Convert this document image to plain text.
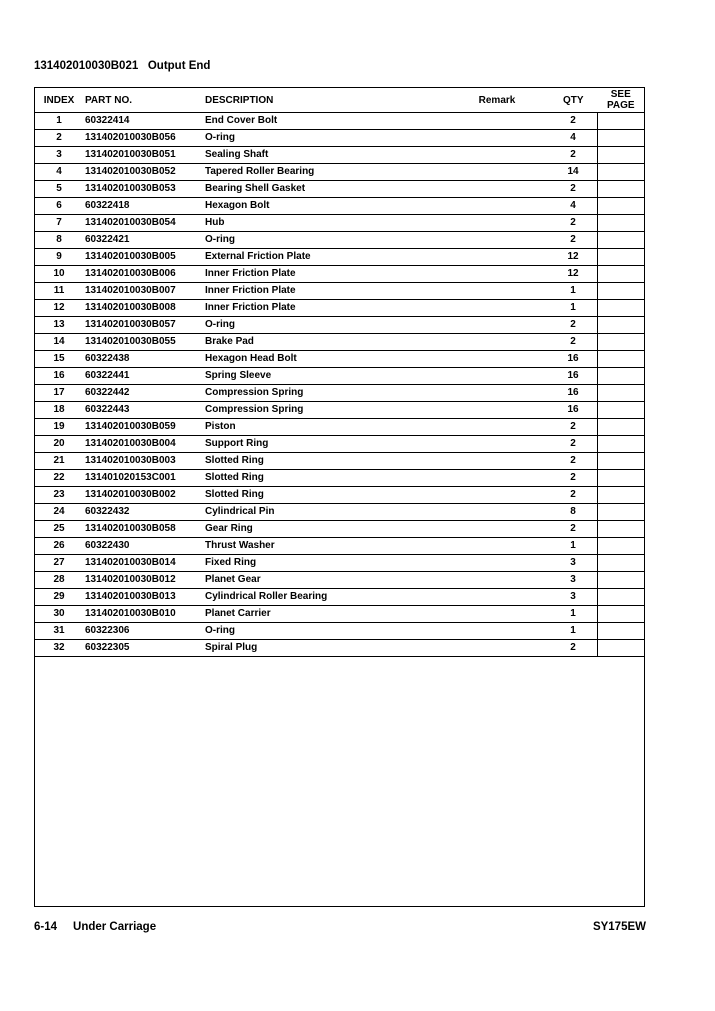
131402010030B021 Output End
INDEX	PART NO.	DESCRIPTION	Remark	QTY	SEE
PAGE

1	60322414	End Cover Bolt		2	
2	131402010030B056	O-ring		4	
3	131402010030B051	Sealing Shaft		2	
4	131402010030B052	Tapered Roller Bearing		14	
5	131402010030B053	Bearing Shell Gasket		2	
6	60322418	Hexagon Bolt		4	
7	131402010030B054	Hub		2	
8	60322421	O-ring		2	
9	131402010030B005	External Friction Plate		12	
10	131402010030B006	Inner Friction Plate		12	
11	131402010030B007	Inner Friction Plate		1	
12	131402010030B008	Inner Friction Plate		1	
13	131402010030B057	O-ring		2	
14	131402010030B055	Brake Pad		2	
15	60322438	Hexagon Head Bolt		16	
16	60322441	Spring Sleeve		16	
17	60322442	Compression Spring		16	
18	60322443	Compression Spring		16	
19	131402010030B059	Piston		2	
20	131402010030B004	Support Ring		2	
21	131402010030B003	Slotted Ring		2	
22	131401020153C001	Slotted Ring		2	
23	131402010030B002	Slotted Ring		2	
24	60322432	Cylindrical Pin		8	
25	131402010030B058	Gear Ring		2	
26	60322430	Thrust Washer		1	
27	131402010030B014	Fixed Ring		3	
28	131402010030B012	Planet Gear		3	
29	131402010030B013	Cylindrical Roller Bearing		3	
30	131402010030B010	Planet Carrier		1	
31	60322306	O-ring		1	
32	60322305	Spiral Plug		2	
6-14 Under Carriage	SY175EW
